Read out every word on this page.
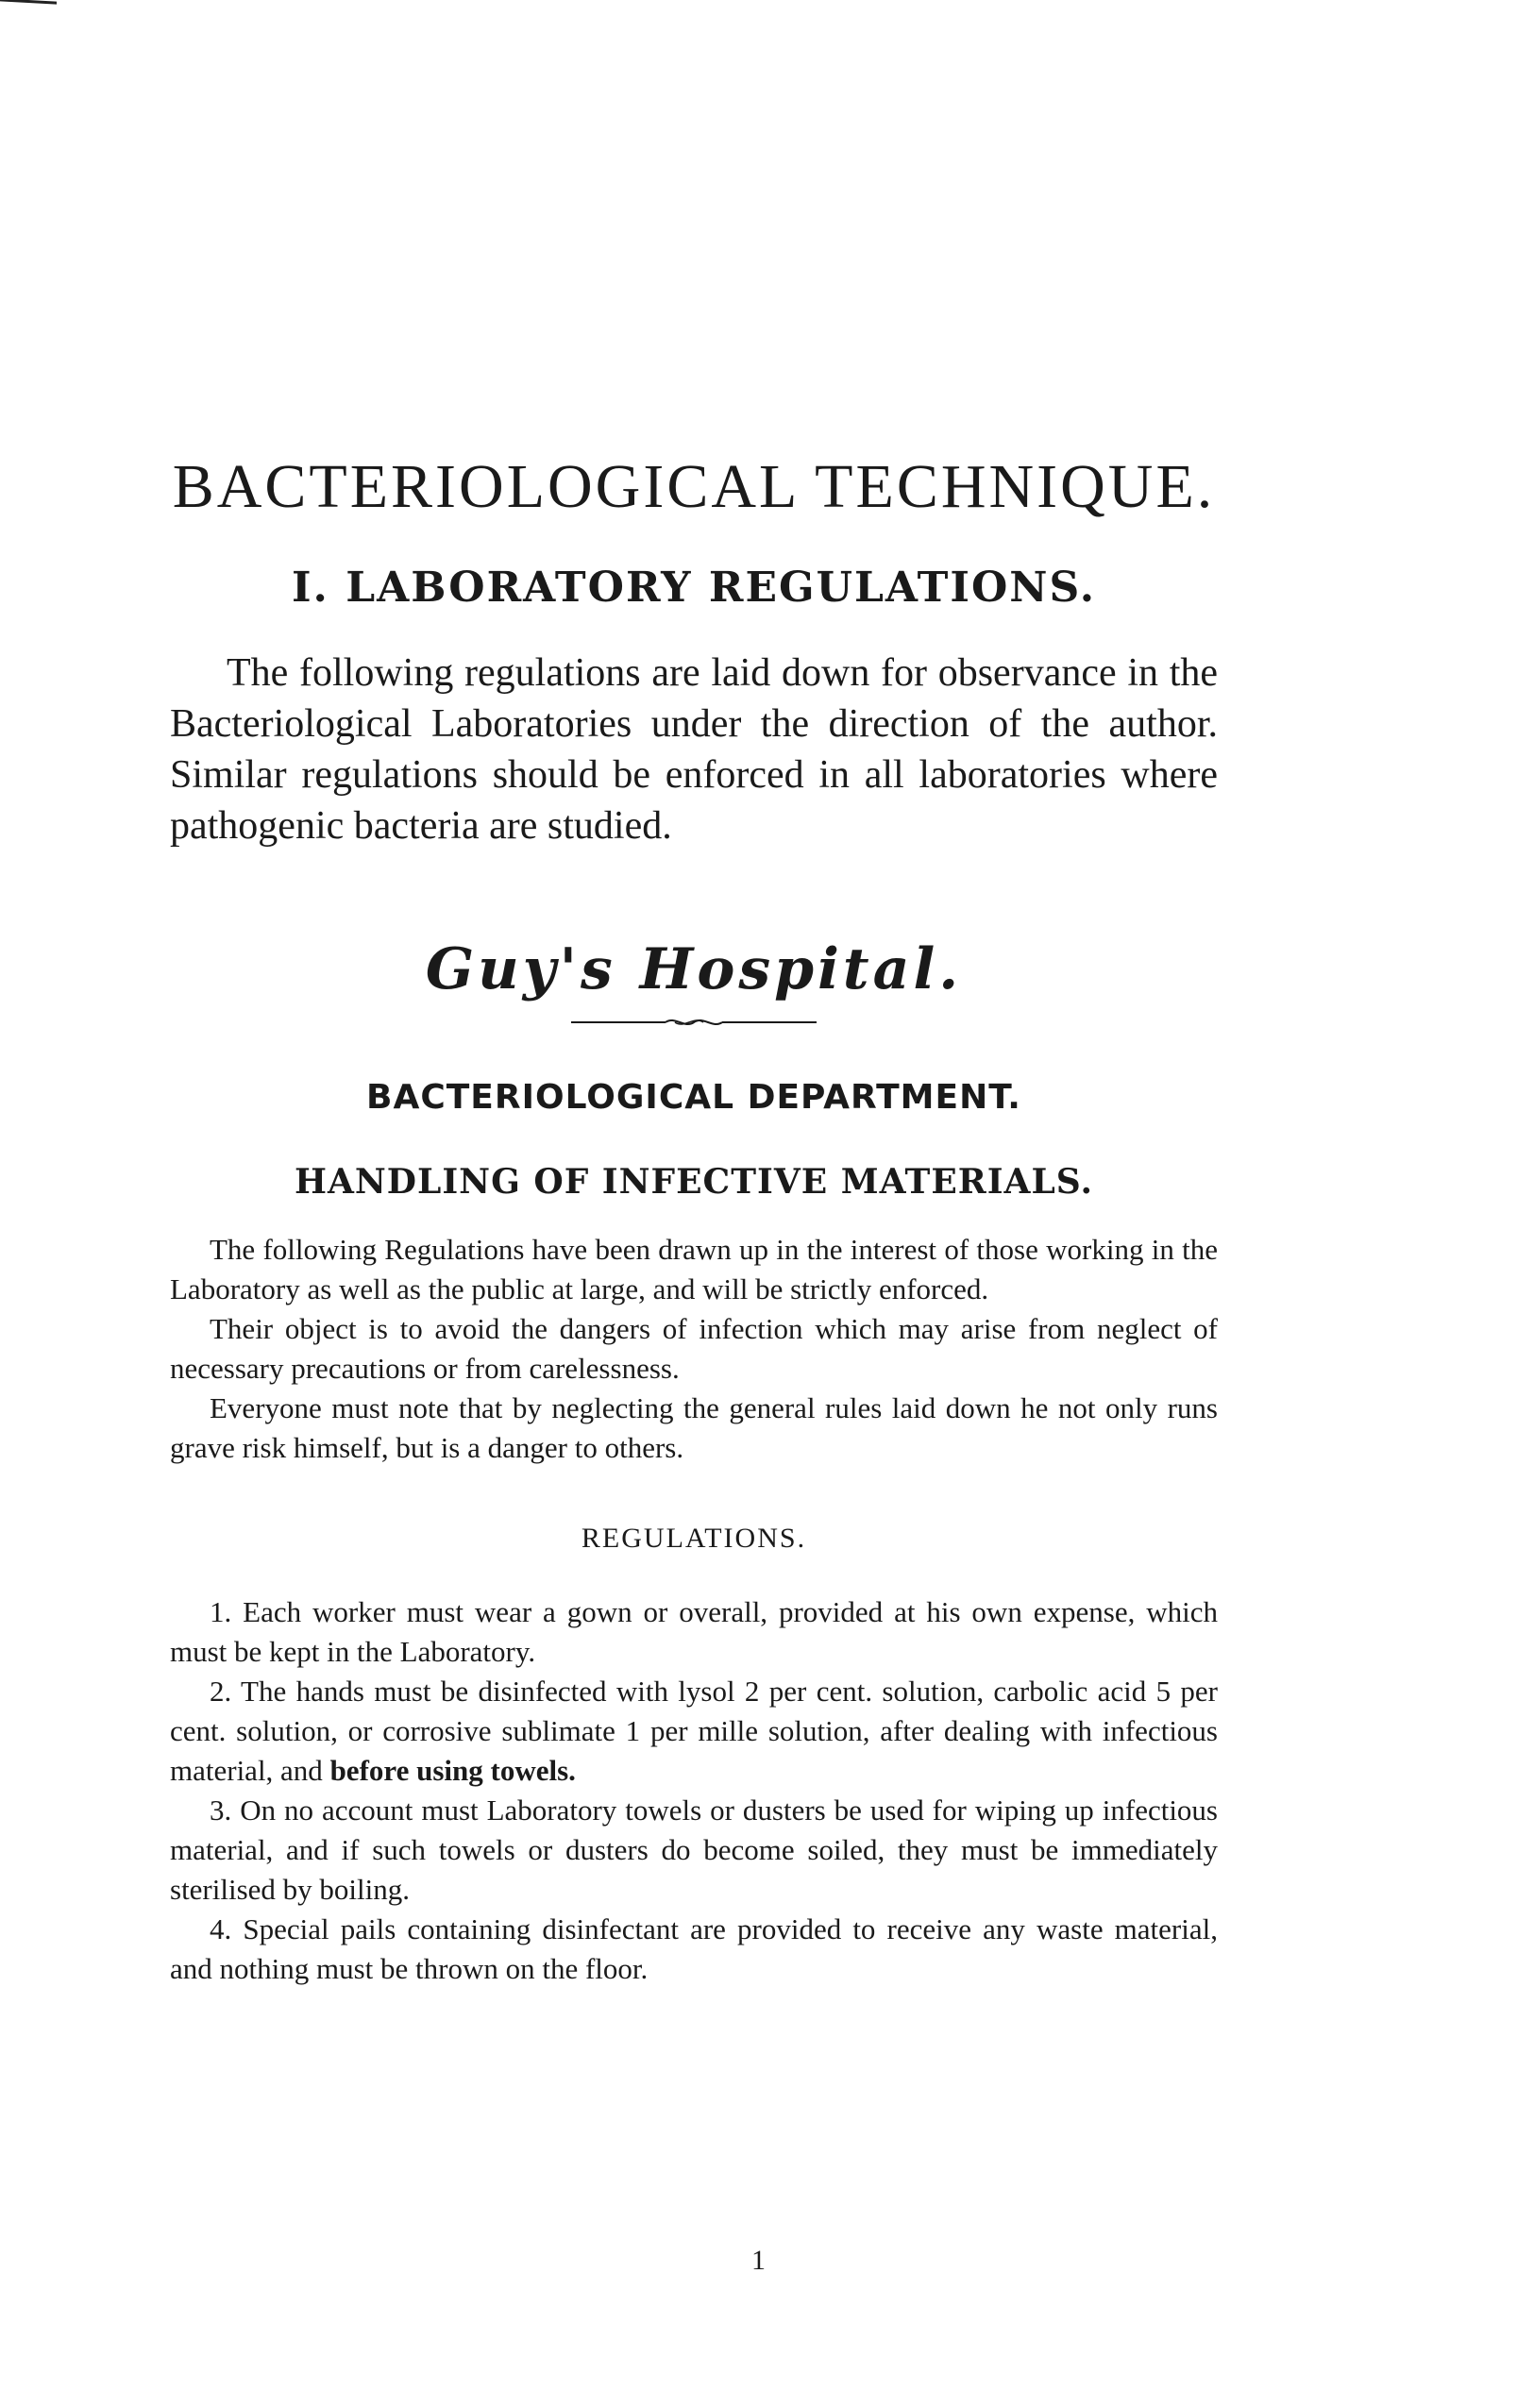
BACTERIOLOGICAL TECHNIQUE.
I. LABORATORY REGULATIONS.

The following regulations are laid down for observance in the Bacteriological Laboratories under the direction of the author. Similar regulations should be enforced in all laboratories where pathogenic bacteria are studied.

Guy's Hospital.
BACTERIOLOGICAL DEPARTMENT.
HANDLING OF INFECTIVE MATERIALS.

The following Regulations have been drawn up in the interest of those working in the Laboratory as well as the public at large, and will be strictly enforced.

Their object is to avoid the dangers of infection which may arise from neglect of necessary precautions or from carelessness.

Everyone must note that by neglecting the general rules laid down he not only runs grave risk himself, but is a danger to others.

REGULATIONS.

1. Each worker must wear a gown or overall, provided at his own expense, which must be kept in the Laboratory.

2. The hands must be disinfected with lysol 2 per cent. solution, carbolic acid 5 per cent. solution, or corrosive sublimate 1 per mille solution, after dealing with infectious material, and before using towels.

3. On no account must Laboratory towels or dusters be used for wiping up infectious material, and if such towels or dusters do become soiled, they must be immediately sterilised by boiling.

4. Special pails containing disinfectant are provided to receive any waste material, and nothing must be thrown on the floor.

1
